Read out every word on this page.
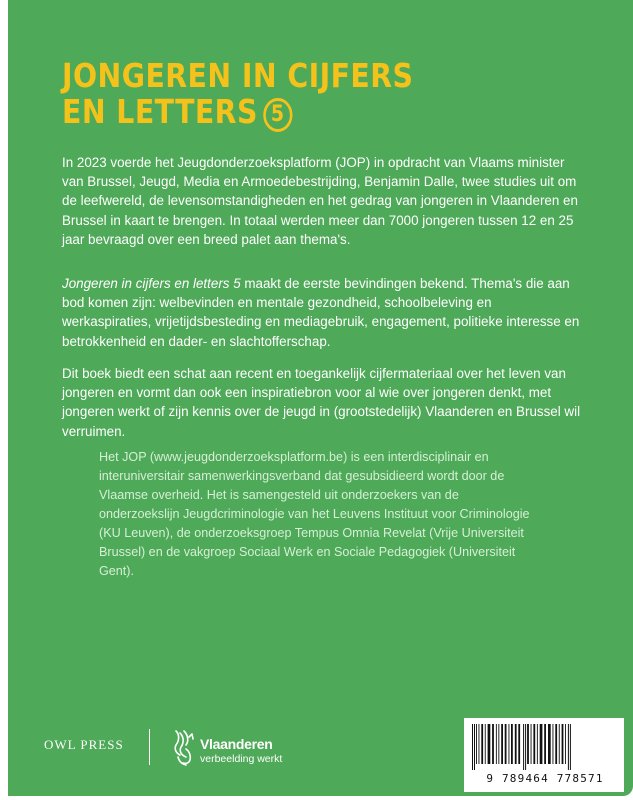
JONGEREN IN CIJFERS
EN LETTERS 5
In 2023 voerde het Jeugdonderzoeksplatform (JOP) in opdracht van Vlaams minister van Brussel, Jeugd, Media en Armoedebestrijding, Benjamin Dalle, twee studies uit om de leefwereld, de levensomstandigheden en het gedrag van jongeren in Vlaanderen en Brussel in kaart te brengen. In totaal werden meer dan 7000 jongeren tussen 12 en 25 jaar bevraagd over een breed palet aan thema's.
Jongeren in cijfers en letters 5 maakt de eerste bevindingen bekend. Thema's die aan bod komen zijn: welbevinden en mentale gezondheid, schoolbeleving en werkaspiraties, vrijetijdsbesteding en mediagebruik, engagement, politieke interesse en betrokkenheid en dader- en slachtofferschap.
Dit boek biedt een schat aan recent en toegankelijk cijfermateriaal over het leven van jongeren en vormt dan ook een inspiratiebron voor al wie over jongeren denkt, met jongeren werkt of zijn kennis over de jeugd in (grootstedelijk) Vlaanderen en Brussel wil verruimen.
Het JOP (www.jeugdonderzoeksplatform.be) is een interdisciplinair en interuniversitair samenwerkingsverband dat gesubsidieerd wordt door de Vlaamse overheid. Het is samengesteld uit onderzoekers van de onderzoekslijn Jeugdcriminologie van het Leuvens Instituut voor Criminologie (KU Leuven), de onderzoeksgroep Tempus Omnia Revelat (Vrije Universiteit Brussel) en de vakgroep Sociaal Werk en Sociale Pedagogiek (Universiteit Gent).
OWL PRESS	Vlaanderen
verbeelding werkt
9 789464 778571
